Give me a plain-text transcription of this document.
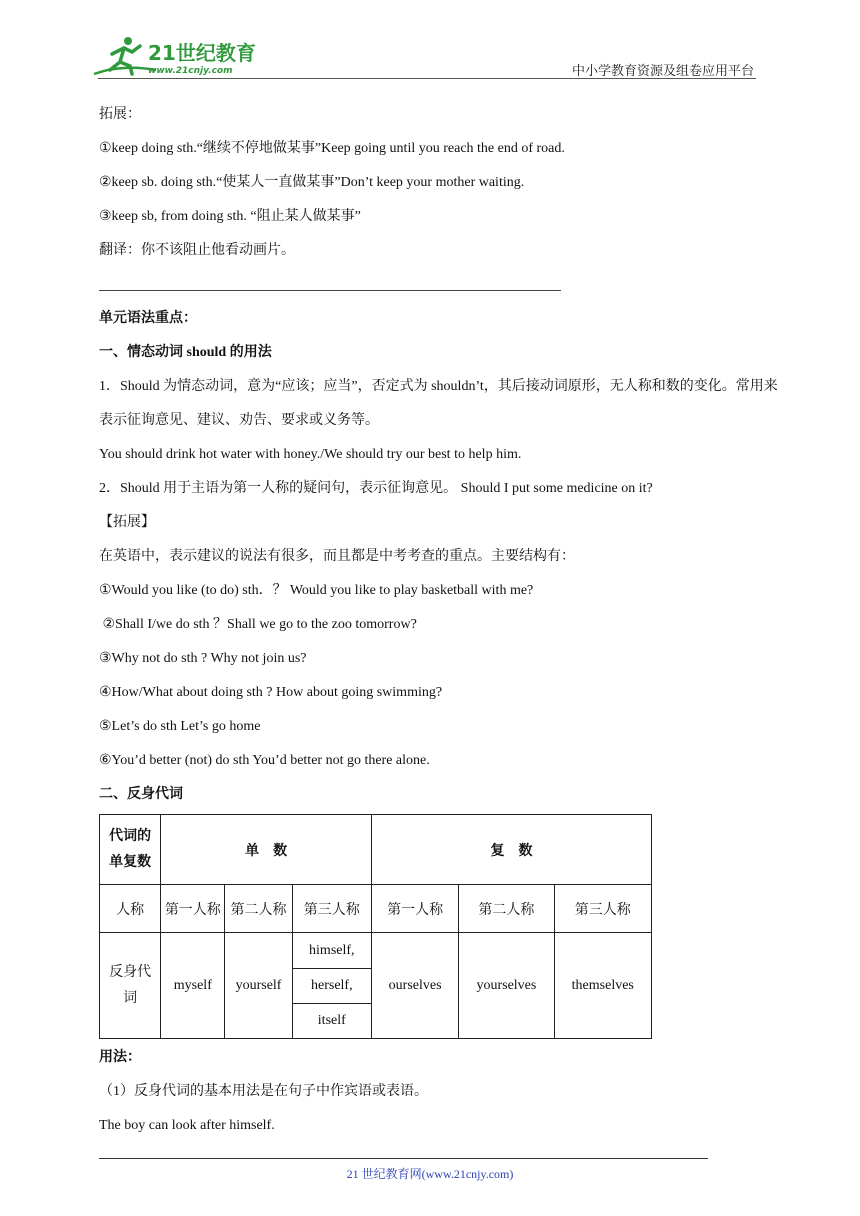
21世纪教育
www.21cnjy.com	中小学教育资源及组卷应用平台
拓展：
①keep doing sth.“继续不停地做某事”Keep going until you reach the end of road.
②keep sb. doing sth.“使某人一直做某事”Don’t keep your mother waiting.
③keep sb, from doing sth. “阻止某人做某事”
翻译：你不该阻止他看动画片。
单元语法重点：
一、情态动词 should 的用法
1．Should 为情态动词，意为“应该；应当”，否定式为 shouldn’t，其后接动词原形，无人称和数的变化。常用来表示征询意见、建议、劝告、要求或义务等。
You should drink hot water with honey./We should try our best to help him.
2．Should 用于主语为第一人称的疑问句，表示征询意见。 Should I put some medicine on it?
【拓展】
在英语中，表示建议的说法有很多，而且都是中考考查的重点。主要结构有：
①Would you like (to do) sth．？ Would you like to play basketball with me?
②Shall I/we do sth ？Shall we go to the zoo tomorrow?
③Why not do sth ? Why not join us?
④How/What about doing sth ? How about going swimming?
⑤Let’s do sth Let’s go home
⑥You’d better (not) do sth You’d better not go there alone.
二、反身代词
代词的
单复数	单　数			复　数		
人称	第一人称	第二人称	第三人称	第一人称	第二人称	第三人称

反身代
词	myself	yourself	himself,	ourselves	yourselves	themselves
			herself,			
			itself			
用法：
（1）反身代词的基本用法是在句子中作宾语或表语。
The boy can look after himself.
21 世纪教育网(www.21cnjy.com)
